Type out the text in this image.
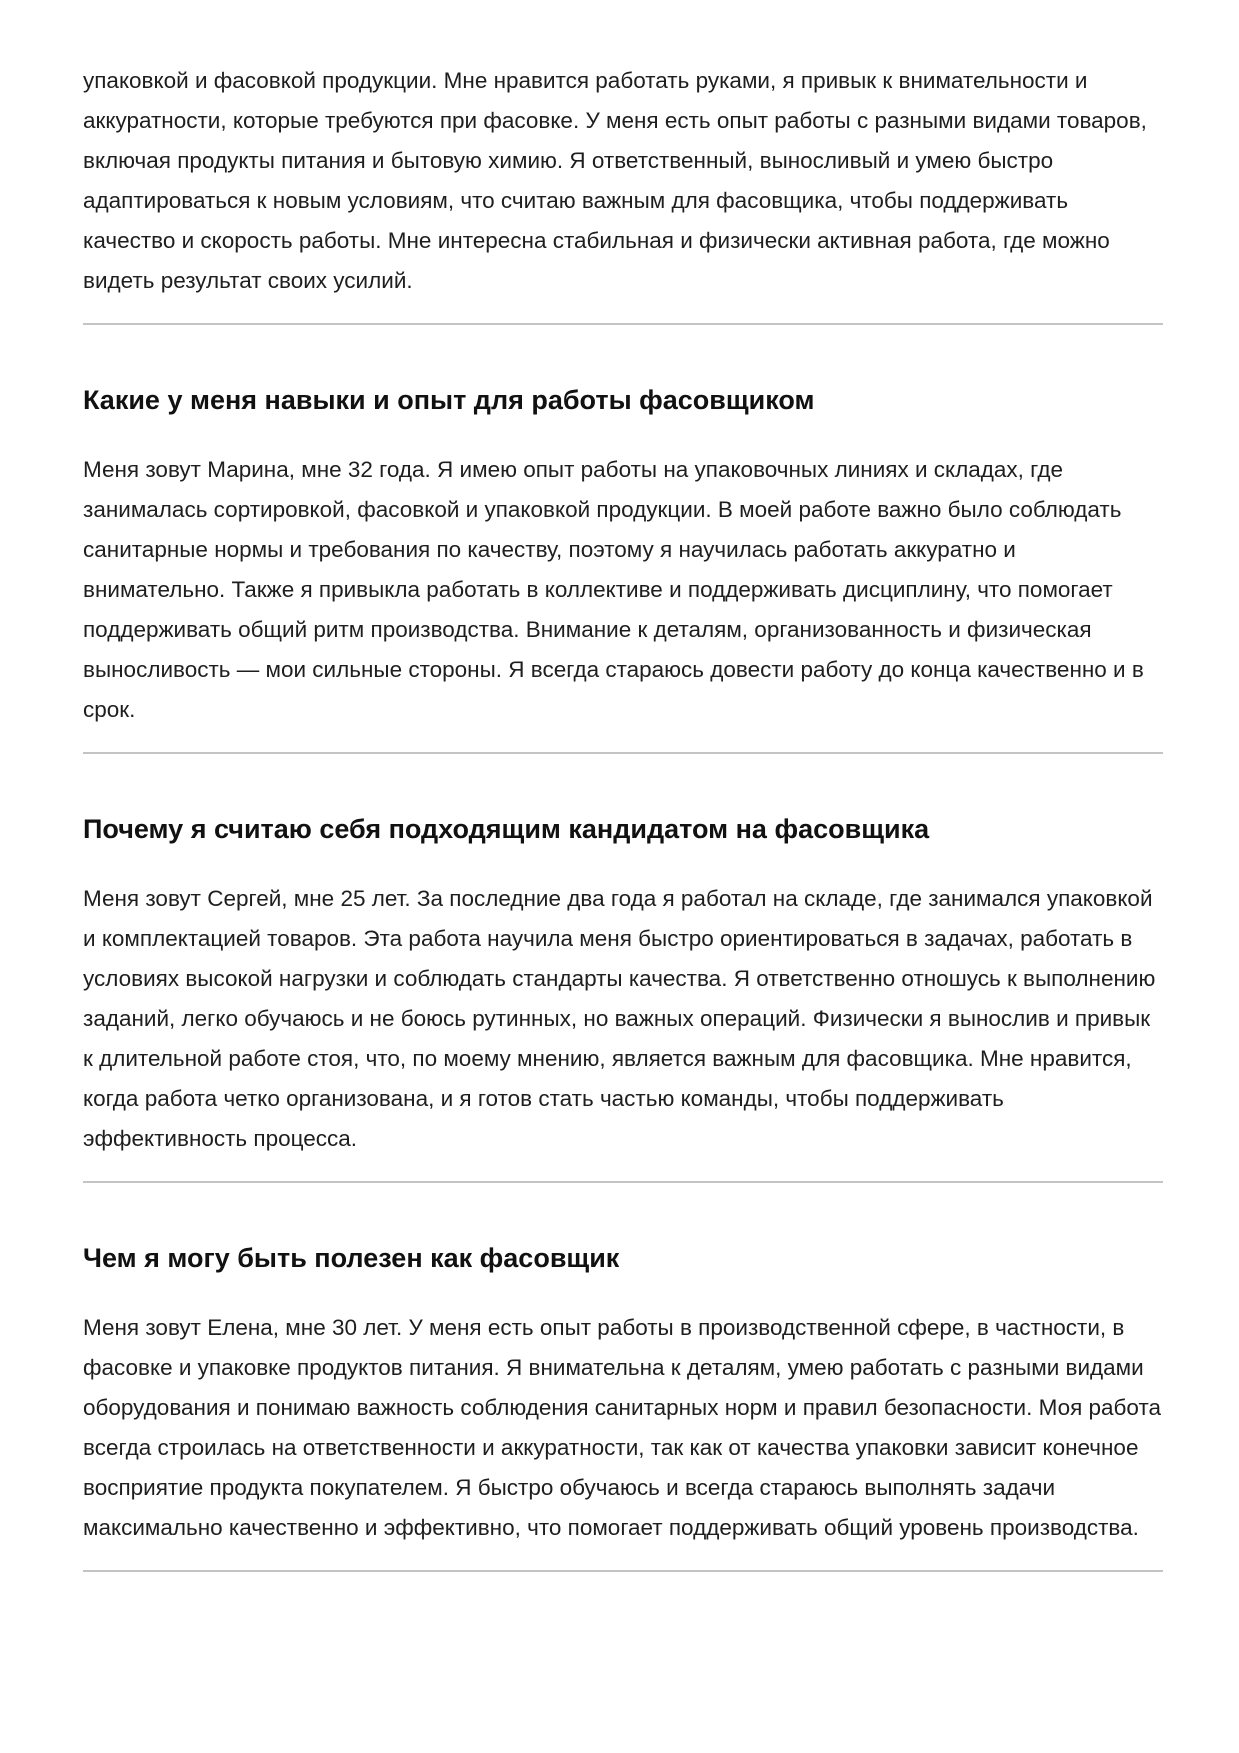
упаковкой и фасовкой продукции. Мне нравится работать руками, я привык к внимательности и аккуратности, которые требуются при фасовке. У меня есть опыт работы с разными видами товаров, включая продукты питания и бытовую химию. Я ответственный, выносливый и умею быстро адаптироваться к новым условиям, что считаю важным для фасовщика, чтобы поддерживать качество и скорость работы. Мне интересна стабильная и физически активная работа, где можно видеть результат своих усилий.

Какие у меня навыки и опыт для работы фасовщиком

Меня зовут Марина, мне 32 года. Я имею опыт работы на упаковочных линиях и складах, где занималась сортировкой, фасовкой и упаковкой продукции. В моей работе важно было соблюдать санитарные нормы и требования по качеству, поэтому я научилась работать аккуратно и внимательно. Также я привыкла работать в коллективе и поддерживать дисциплину, что помогает поддерживать общий ритм производства. Внимание к деталям, организованность и физическая выносливость — мои сильные стороны. Я всегда стараюсь довести работу до конца качественно и в срок.

Почему я считаю себя подходящим кандидатом на фасовщика

Меня зовут Сергей, мне 25 лет. За последние два года я работал на складе, где занимался упаковкой и комплектацией товаров. Эта работа научила меня быстро ориентироваться в задачах, работать в условиях высокой нагрузки и соблюдать стандарты качества. Я ответственно отношусь к выполнению заданий, легко обучаюсь и не боюсь рутинных, но важных операций. Физически я вынослив и привык к длительной работе стоя, что, по моему мнению, является важным для фасовщика. Мне нравится, когда работа четко организована, и я готов стать частью команды, чтобы поддерживать эффективность процесса.

Чем я могу быть полезен как фасовщик

Меня зовут Елена, мне 30 лет. У меня есть опыт работы в производственной сфере, в частности, в фасовке и упаковке продуктов питания. Я внимательна к деталям, умею работать с разными видами оборудования и понимаю важность соблюдения санитарных норм и правил безопасности. Моя работа всегда строилась на ответственности и аккуратности, так как от качества упаковки зависит конечное восприятие продукта покупателем. Я быстро обучаюсь и всегда стараюсь выполнять задачи максимально качественно и эффективно, что помогает поддерживать общий уровень производства.
